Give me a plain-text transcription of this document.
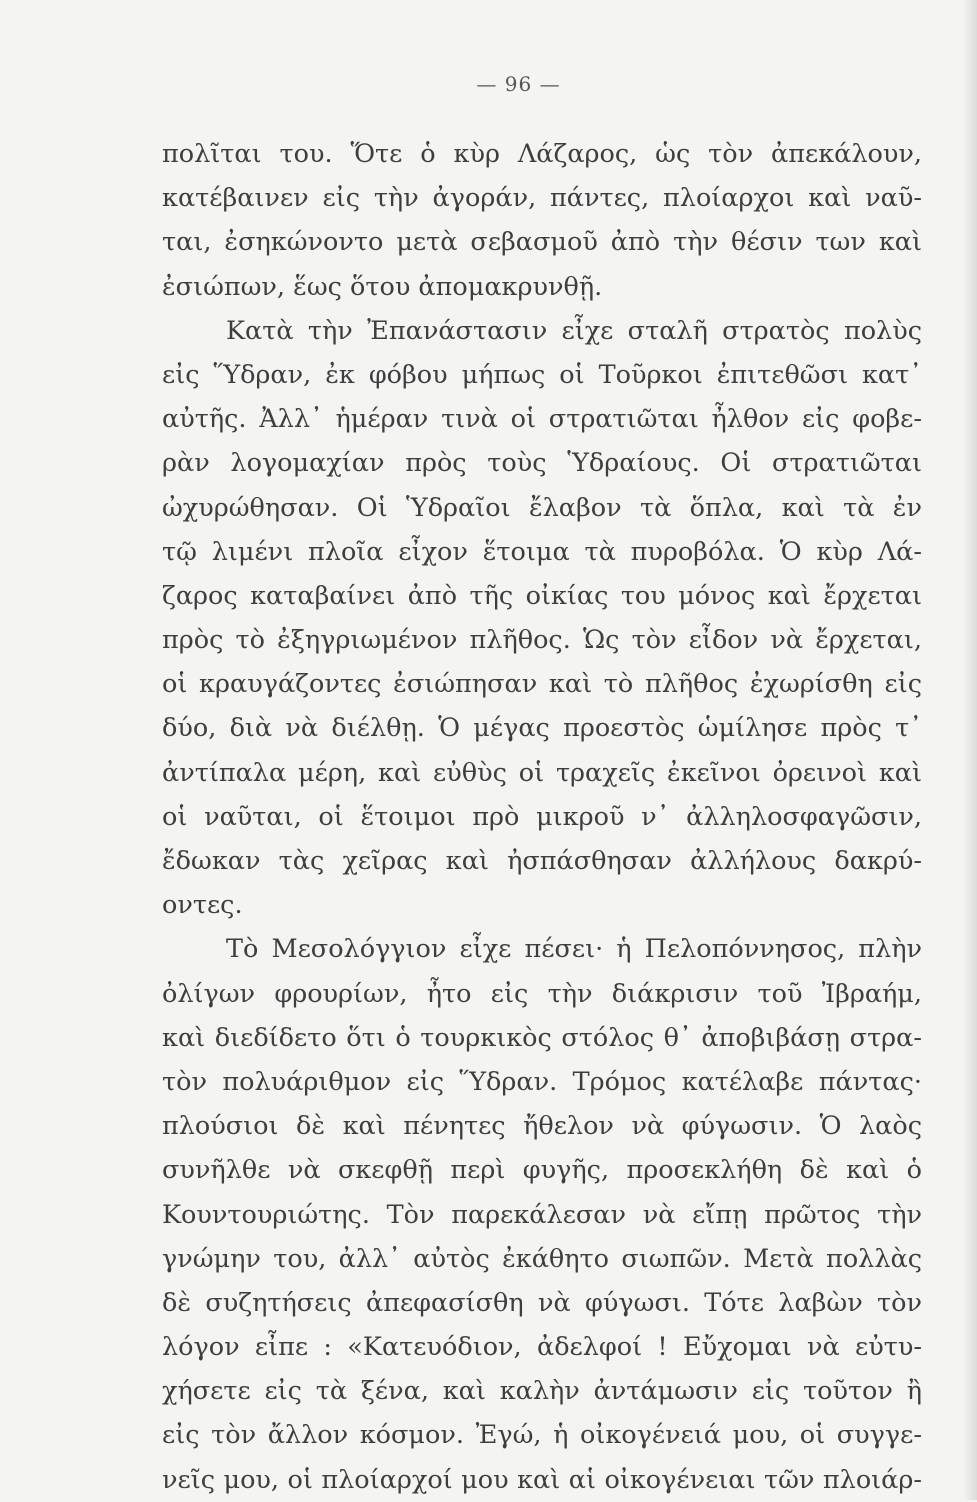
— 96 —
πολῖται του. Ὅτε ὁ κὺρ Λάζαρος, ὡς τὸν ἀπεκάλουν,
κατέβαινεν εἰς τὴν ἀγοράν, πάντες, πλοίαρχοι καὶ ναῦ-
ται, ἐσηκώνοντο μετὰ σεβασμοῦ ἀπὸ τὴν θέσιν των καὶ
ἐσιώπων, ἕως ὅτου ἀπομακρυνθῇ.
Κατὰ τὴν Ἐπανάστασιν εἶχε σταλῆ στρατὸς πολὺς
εἰς Ὕδραν, ἐκ φόβου μήπως οἱ Τοῦρκοι ἐπιτεθῶσι κατ᾽
αὐτῆς. Ἀλλ᾽ ἡμέραν τινὰ οἱ στρατιῶται ἦλθον εἰς φοβε-
ρὰν λογομαχίαν πρὸς τοὺς Ὑδραίους. Οἱ στρατιῶται
ὠχυρώθησαν. Οἱ Ὑδραῖοι ἔλαβον τὰ ὅπλα, καὶ τὰ ἐν
τῷ λιμένι πλοῖα εἶχον ἕτοιμα τὰ πυροβόλα. Ὁ κὺρ Λά-
ζαρος καταβαίνει ἀπὸ τῆς οἰκίας του μόνος καὶ ἔρχεται
πρὸς τὸ ἐξηγριωμένον πλῆθος. Ὡς τὸν εἶδον νὰ ἔρχεται,
οἱ κραυγάζοντες ἐσιώπησαν καὶ τὸ πλῆθος ἐχωρίσθη εἰς
δύο, διὰ νὰ διέλθῃ. Ὁ μέγας προεστὸς ὡμίλησε πρὸς τ᾽
ἀντίπαλα μέρη, καὶ εὐθὺς οἱ τραχεῖς ἐκεῖνοι ὀρεινοὶ καὶ
οἱ ναῦται, οἱ ἕτοιμοι πρὸ μικροῦ ν᾽ ἀλληλοσφαγῶσιν,
ἔδωκαν τὰς χεῖρας καὶ ἠσπάσθησαν ἀλλήλους δακρύ-
οντες.
Τὸ Μεσολόγγιον εἶχε πέσει· ἡ Πελοπόννησος, πλὴν
ὀλίγων φρουρίων, ἦτο εἰς τὴν διάκρισιν τοῦ Ἰβραήμ,
καὶ διεδίδετο ὅτι ὁ τουρκικὸς στόλος θ᾽ ἀποβιβάσῃ στρα-
τὸν πολυάριθμον εἰς Ὕδραν. Τρόμος κατέλαβε πάντας·
πλούσιοι δὲ καὶ πένητες ἤθελον νὰ φύγωσιν. Ὁ λαὸς
συνῆλθε νὰ σκεφθῇ περὶ φυγῆς, προσεκλήθη δὲ καὶ ὁ
Κουντουριώτης. Τὸν παρεκάλεσαν νὰ εἴπῃ πρῶτος τὴν
γνώμην του, ἀλλ᾽ αὐτὸς ἐκάθητο σιωπῶν. Μετὰ πολλὰς
δὲ συζητήσεις ἀπεφασίσθη νὰ φύγωσι. Τότε λαβὼν τὸν
λόγον εἶπε : «Κατευόδιον, ἀδελφοί ! Εὔχομαι νὰ εὐτυ-
χήσετε εἰς τὰ ξένα, καὶ καλὴν ἀντάμωσιν εἰς τοῦτον ἢ
εἰς τὸν ἄλλον κόσμον. Ἐγώ, ἡ οἰκογένειά μου, οἱ συγγε-
νεῖς μου, οἱ πλοίαρχοί μου καὶ αἱ οἰκογένειαι τῶν πλοιάρ-
